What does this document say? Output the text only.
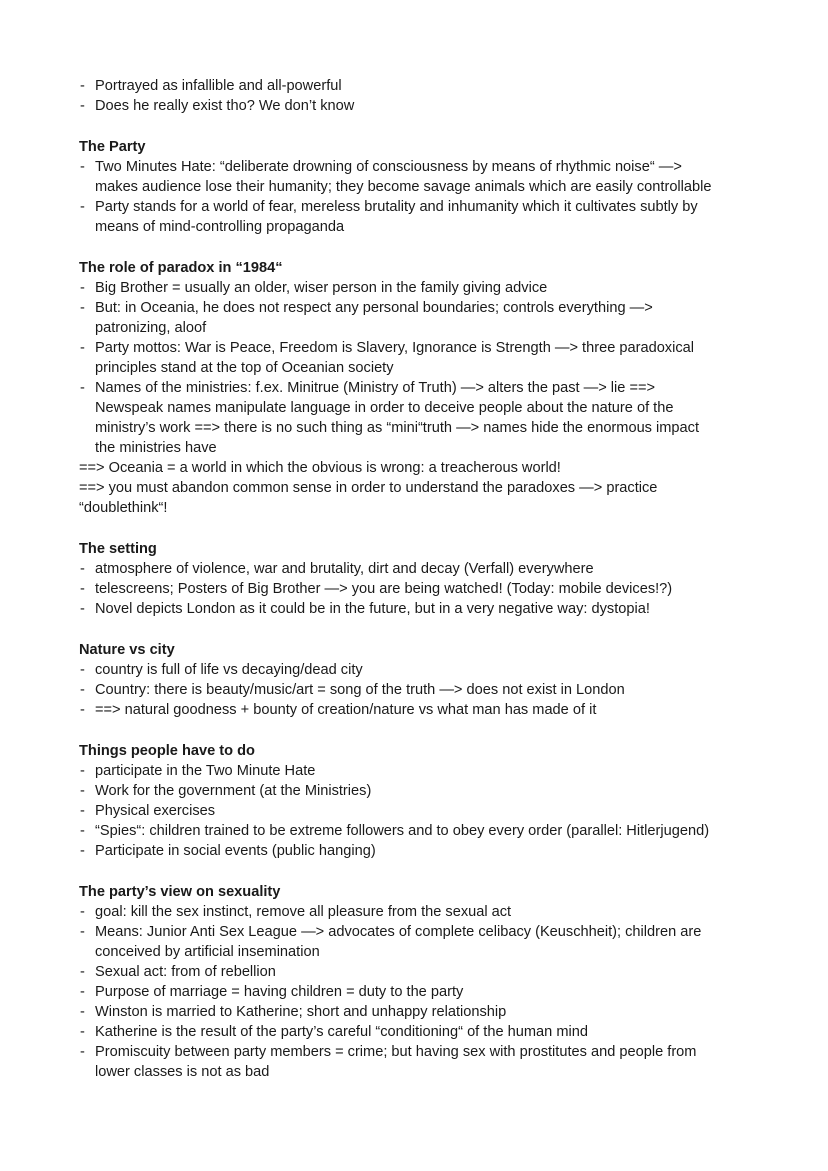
- Portrayed as infallible and all-powerful
- Does he really exist tho? We don’t know
The Party
- Two Minutes Hate: “deliberate drowning of consciousness by means of rhythmic noise“ —>
makes audience lose their humanity; they become savage animals which are easily controllable
- Party stands for a world of fear, mereless brutality and inhumanity which it cultivates subtly by
means of mind-controlling propaganda
The role of paradox in “1984“
- Big Brother = usually an older, wiser person in the family giving advice
- But: in Oceania, he does not respect any personal boundaries; controls everything —>
patronizing, aloof
- Party mottos: War is Peace, Freedom is Slavery, Ignorance is Strength —> three paradoxical
principles stand at the top of Oceanian society
- Names of the ministries: f.ex. Minitrue (Ministry of Truth) —> alters the past —> lie ==>
Newspeak names manipulate language in order to deceive people about the nature of the
ministry’s work ==> there is no such thing as “mini“truth —> names hide the enormous impact
the ministries have
==> Oceania = a world in which the obvious is wrong: a treacherous world!
==> you must abandon common sense in order to understand the paradoxes —> practice
“doublethink“!
The setting
- atmosphere of violence, war and brutality, dirt and decay (Verfall) everywhere
- telescreens; Posters of Big Brother —> you are being watched! (Today: mobile devices!?)
- Novel depicts London as it could be in the future, but in a very negative way: dystopia!
Nature vs city
- country is full of life vs decaying/dead city
- Country: there is beauty/music/art = song of the truth —> does not exist in London
- ==> natural goodness + bounty of creation/nature vs what man has made of it
Things people have to do
- participate in the Two Minute Hate
- Work for the government (at the Ministries)
- Physical exercises
- “Spies“: children trained to be extreme followers and to obey every order (parallel: Hitlerjugend)
- Participate in social events (public hanging)
The party’s view on sexuality
- goal: kill the sex instinct, remove all pleasure from the sexual act
- Means: Junior Anti Sex League —> advocates of complete celibacy (Keuschheit); children are
conceived by artificial insemination
- Sexual act: from of rebellion
- Purpose of marriage = having children = duty to the party
- Winston is married to Katherine; short and unhappy relationship
- Katherine is the result of the party’s careful “conditioning“ of the human mind
- Promiscuity between party members = crime; but having sex with prostitutes and people from
lower classes is not as bad
